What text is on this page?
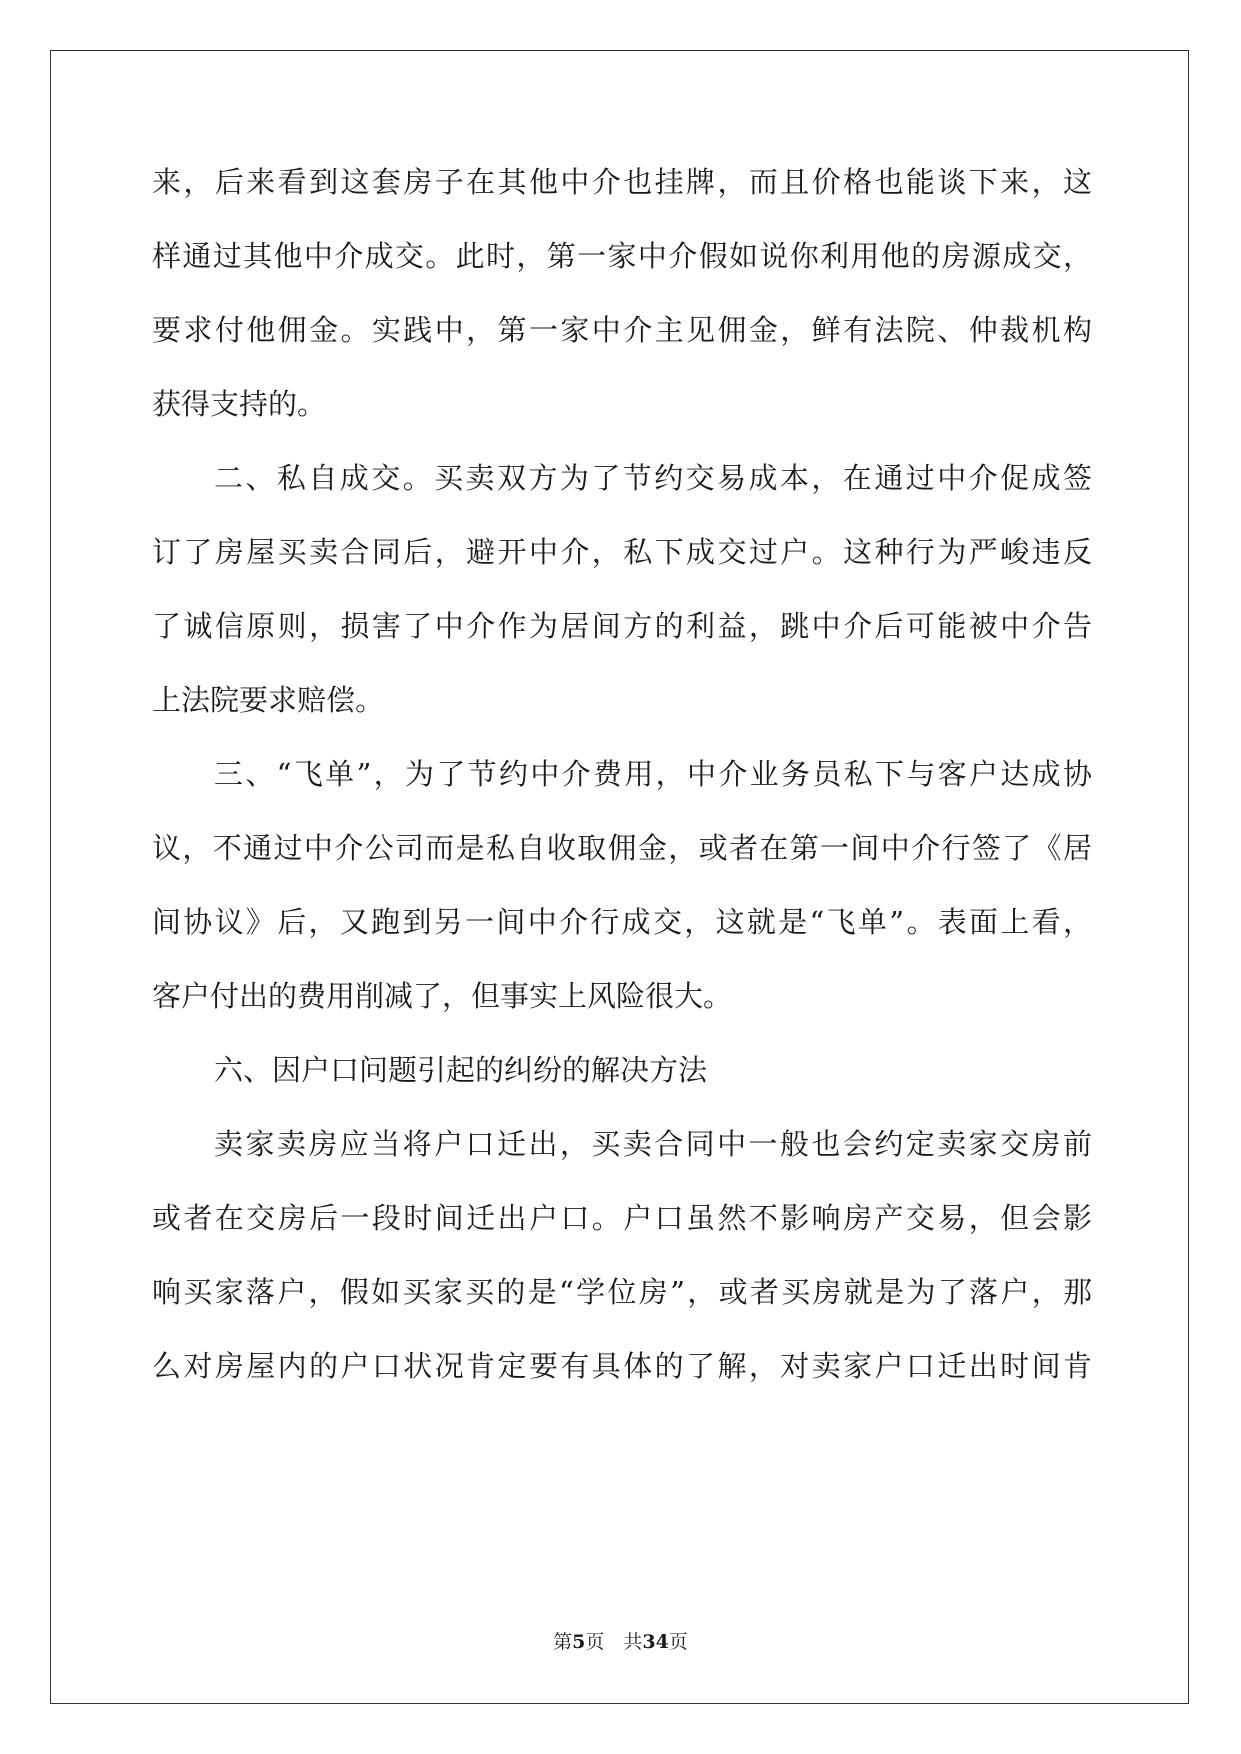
来，后来看到这套房子在其他中介也挂牌，而且价格也能谈下来，这
样通过其他中介成交。此时，第一家中介假如说你利用他的房源成交，
要求付他佣金。实践中，第一家中介主见佣金，鲜有法院、仲裁机构
获得支持的。
二、私自成交。买卖双方为了节约交易成本，在通过中介促成签
订了房屋买卖合同后，避开中介，私下成交过户。这种行为严峻违反
了诚信原则，损害了中介作为居间方的利益，跳中介后可能被中介告
上法院要求赔偿。
三、“飞单”，为了节约中介费用，中介业务员私下与客户达成协
议，不通过中介公司而是私自收取佣金，或者在第一间中介行签了《居
间协议》后，又跑到另一间中介行成交，这就是“飞单”。表面上看，
客户付出的费用削减了，但事实上风险很大。
六、因户口问题引起的纠纷的解决方法
卖家卖房应当将户口迁出，买卖合同中一般也会约定卖家交房前
或者在交房后一段时间迁出户口。户口虽然不影响房产交易，但会影
响买家落户，假如买家买的是“学位房”，或者买房就是为了落户，那
么对房屋内的户口状况肯定要有具体的了解，对卖家户口迁出时间肯
第5页　共34页
